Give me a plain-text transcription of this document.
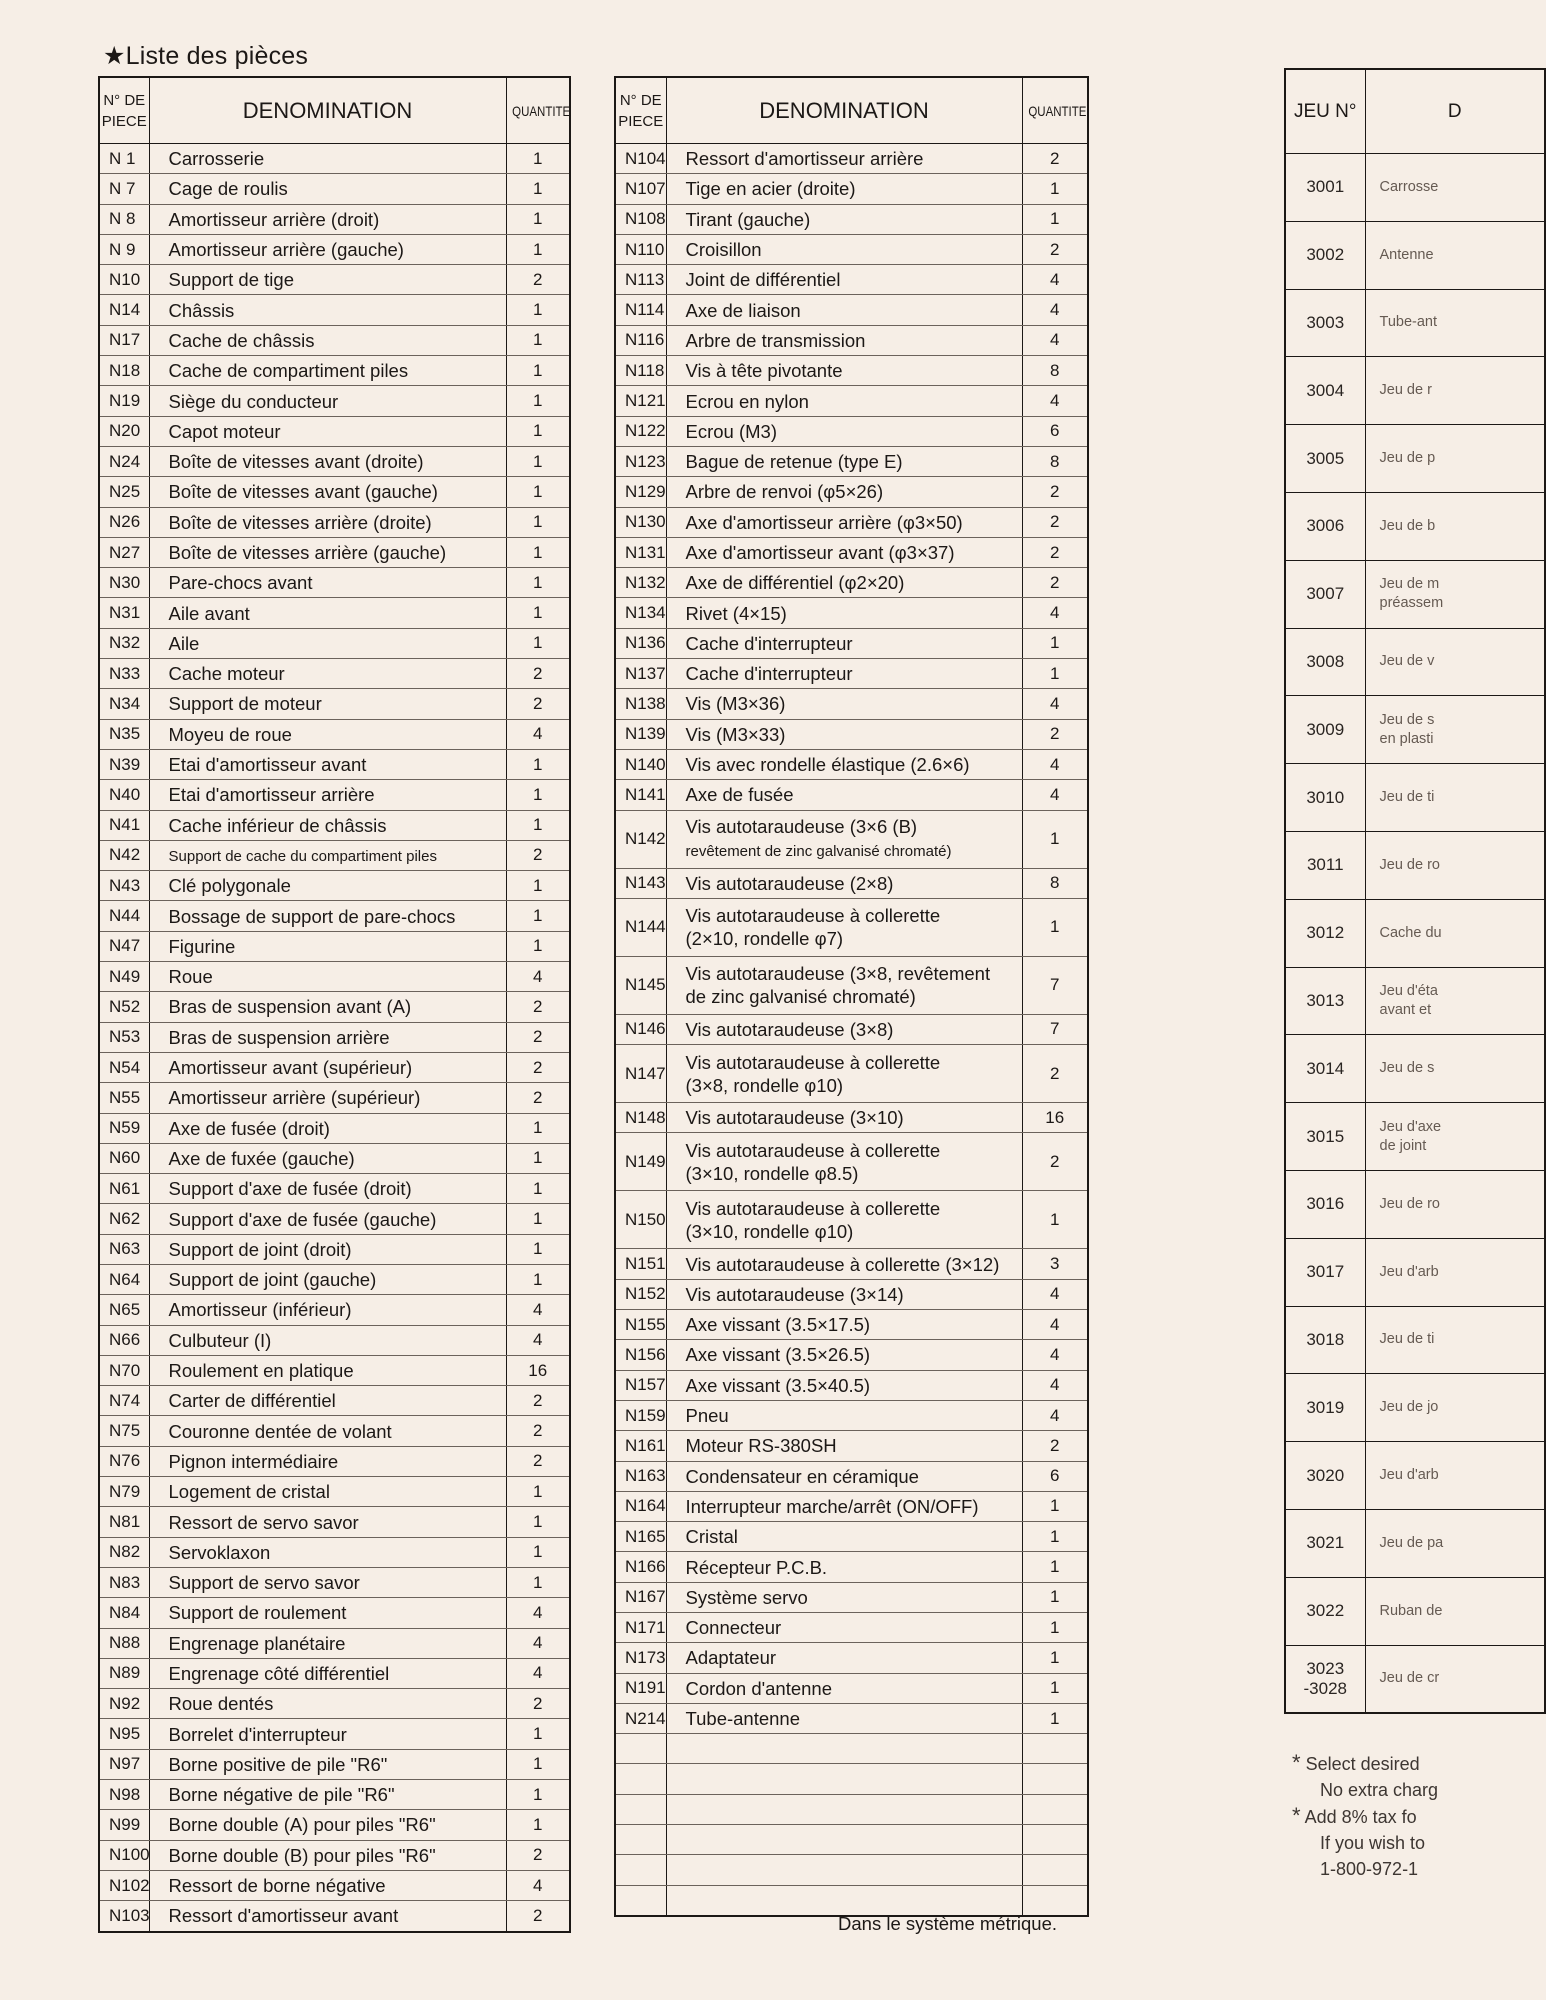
★Liste des pièces
N° DE PIECE	DENOMINATION	QUANTITE
N 1	Carrosserie	1
N 7	Cage de roulis	1
N 8	Amortisseur arrière (droit)	1
N 9	Amortisseur arrière (gauche)	1
N10	Support de tige	2
N14	Châssis	1
N17	Cache de châssis	1
N18	Cache de compartiment piles	1
N19	Siège du conducteur	1
N20	Capot moteur	1
N24	Boîte de vitesses avant (droite)	1
N25	Boîte de vitesses avant (gauche)	1
N26	Boîte de vitesses arrière (droite)	1
N27	Boîte de vitesses arrière (gauche)	1
N30	Pare-chocs avant	1
N31	Aile avant	1
N32	Aile	1
N33	Cache moteur	2
N34	Support de moteur	2
N35	Moyeu de roue	4
N39	Etai d'amortisseur avant	1
N40	Etai d'amortisseur arrière	1
N41	Cache inférieur de châssis	1
N42	Support de cache du compartiment piles	2
N43	Clé polygonale	1
N44	Bossage de support de pare-chocs	1
N47	Figurine	1
N49	Roue	4
N52	Bras de suspension avant (A)	2
N53	Bras de suspension arrière	2
N54	Amortisseur avant (supérieur)	2
N55	Amortisseur arrière (supérieur)	2
N59	Axe de fusée (droit)	1
N60	Axe de fuxée (gauche)	1
N61	Support d'axe de fusée (droit)	1
N62	Support d'axe de fusée (gauche)	1
N63	Support de joint (droit)	1
N64	Support de joint (gauche)	1
N65	Amortisseur (inférieur)	4
N66	Culbuteur (I)	4
N70	Roulement en platique	16
N74	Carter de différentiel	2
N75	Couronne dentée de volant	2
N76	Pignon intermédiaire	2
N79	Logement de cristal	1
N81	Ressort de servo savor	1
N82	Servoklaxon	1
N83	Support de servo savor	1
N84	Support de roulement	4
N88	Engrenage planétaire	4
N89	Engrenage côté différentiel	4
N92	Roue dentés	2
N95	Borrelet d'interrupteur	1
N97	Borne positive de pile "R6"	1
N98	Borne négative de pile "R6"	1
N99	Borne double (A) pour piles "R6"	1
N100	Borne double (B) pour piles "R6"	2
N102	Ressort de borne négative	4
N103	Ressort d'amortisseur avant	2
N° DE PIECE	DENOMINATION	QUANTITE
N104	Ressort d'amortisseur arrière	2
N107	Tige en acier (droite)	1
N108	Tirant (gauche)	1
N110	Croisillon	2
N113	Joint de différentiel	4
N114	Axe de liaison	4
N116	Arbre de transmission	4
N118	Vis à tête pivotante	8
N121	Ecrou en nylon	4
N122	Ecrou (M3)	6
N123	Bague de retenue (type E)	8
N129	Arbre de renvoi (φ5×26)	2
N130	Axe d'amortisseur arrière (φ3×50)	2
N131	Axe d'amortisseur avant (φ3×37)	2
N132	Axe de différentiel (φ2×20)	2
N134	Rivet (4×15)	4
N136	Cache d'interrupteur	1
N137	Cache d'interrupteur	1
N138	Vis (M3×36)	4
N139	Vis (M3×33)	2
N140	Vis avec rondelle élastique (2.6×6)	4
N141	Axe de fusée	4
N142	Vis autotaraudeuse (3×6 (B)
revêtement de zinc galvanisé chromaté)	1
N143	Vis autotaraudeuse (2×8)	8
N144	Vis autotaraudeuse à collerette
(2×10, rondelle φ7)	1
N145	Vis autotaraudeuse (3×8, revêtement
de zinc galvanisé chromaté)	7
N146	Vis autotaraudeuse (3×8)	7
N147	Vis autotaraudeuse à collerette
(3×8, rondelle φ10)	2
N148	Vis autotaraudeuse (3×10)	16
N149	Vis autotaraudeuse à collerette
(3×10, rondelle φ8.5)	2
N150	Vis autotaraudeuse à collerette
(3×10, rondelle φ10)	1
N151	Vis autotaraudeuse à collerette (3×12)	3
N152	Vis autotaraudeuse (3×14)	4
N155	Axe vissant (3.5×17.5)	4
N156	Axe vissant (3.5×26.5)	4
N157	Axe vissant (3.5×40.5)	4
N159	Pneu	4
N161	Moteur RS-380SH	2
N163	Condensateur en céramique	6
N164	Interrupteur marche/arrêt (ON/OFF)	1
N165	Cristal	1
N166	Récepteur P.C.B.	1
N167	Système servo	1
N171	Connecteur	1
N173	Adaptateur	1
N191	Cordon d'antenne	1
N214	Tube-antenne	1

Dans le système métrique.
JEU N°	D
3001	Carrosse
3002	Antenne
3003	Tube-ant
3004	Jeu de r
3005	Jeu de p
3006	Jeu de b
3007	Jeu de m
préassem
3008	Jeu de v
3009	Jeu de s
en plasti
3010	Jeu de ti
3011	Jeu de ro
3012	Cache du
3013	Jeu d'éta
avant et
3014	Jeu de s
3015	Jeu d'axe
de joint
3016	Jeu de ro
3017	Jeu d'arb
3018	Jeu de ti
3019	Jeu de jo
3020	Jeu d'arb
3021	Jeu de pa
3022	Ruban de
3023
-3028	Jeu de cr
* Select desired
No extra charg
* Add 8% tax fo
If you wish to
1-800-972-1
